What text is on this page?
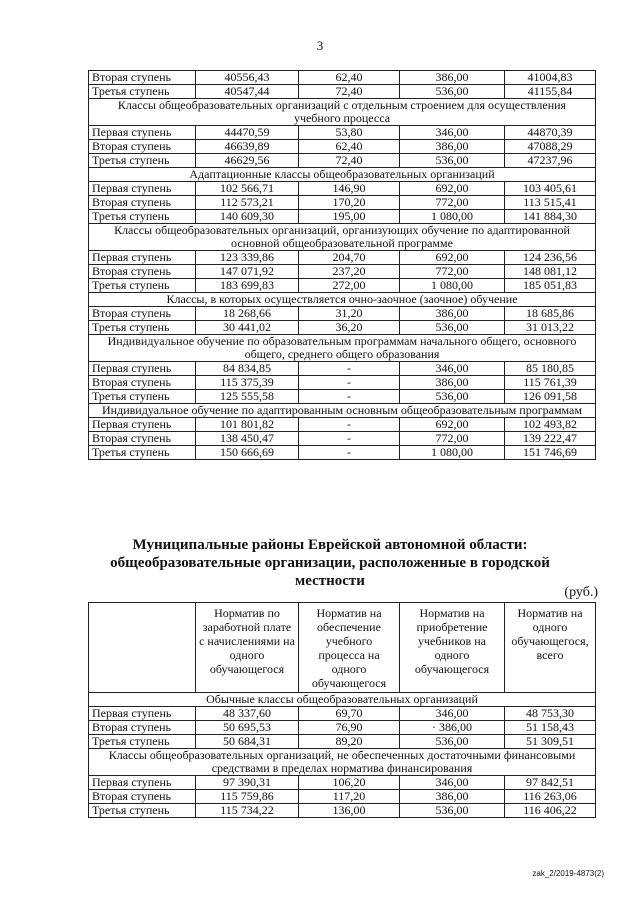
3
Вторая ступень	40556,43	62,40	386,00	41004,83
Третья ступень	40547,44	72,40	536,00	41155,84
Классы общеобразовательных организаций с отдельным строением для осуществления учебного процесса				
Первая ступень	44470,59	53,80	346,00	44870,39
Вторая ступень	46639,89	62,40	386,00	47088,29
Третья ступень	46629,56	72,40	536,00	47237,96
Адаптационные классы общеобразовательных организаций				
Первая ступень	102 566,71	146,90	692,00	103 405,61
Вторая ступень	112 573,21	170,20	772,00	113 515,41
Третья ступень	140 609,30	195,00	1 080,00	141 884,30
Классы общеобразовательных организаций, организующих обучение по адаптированной основной общеобразовательной программе				
Первая ступень	123 339,86	204,70	692,00	124 236,56
Вторая ступень	147 071,92	237,20	772,00	148 081,12
Третья ступень	183 699,83	272,00	1 080,00	185 051,83
Классы, в которых осуществляется очно-заочное (заочное) обучение				
Вторая ступень	18 268,66	31,20	386,00	18 685,86
Третья ступень	30 441,02	36,20	536,00	31 013,22
Индивидуальное обучение по образовательным программам начального общего, основного общего, среднего общего образования				
Первая ступень	84 834,85	-	346,00	85 180,85
Вторая ступень	115 375,39	-	386,00	115 761,39
Третья ступень	125 555,58	-	536,00	126 091,58
Индивидуальное обучение по адаптированным основным общеобразовательным программам				
Первая ступень	101 801,82	-	692,00	102 493,82
Вторая ступень	138 450,47	-	772,00	139 222,47
Третья ступень	150 666,69	-	1 080,00	151 746,69
Муниципальные районы Еврейской автономной области: общеобразовательные организации, расположенные в городской местности
(руб.)
	Норматив по заработной плате с начислениями на одного обучающегося	Норматив на обеспечение учебного процесса на одного обучающегося	Норматив на приобретение учебников на одного обучающегося	Норматив на одного обучающегося, всего
Обычные классы общеобразовательных организаций				
Первая ступень	48 337,60	69,70	346,00	48 753,30
Вторая ступень	50 695,53	76,90	· 386,00	51 158,43
Третья ступень	50 684,31	89,20	536,00	51 309,51
Классы общеобразовательных организаций, не обеспеченных достаточными финансовыми средствами в пределах норматива финансирования				
Первая ступень	97 390,31	106,20	346,00	97 842,51
Вторая ступень	115 759,86	117,20	386,00	116 263,06
Третья ступень	115 734,22	136,00	536,00	116 406,22
zak_2/2019-4873(2)
